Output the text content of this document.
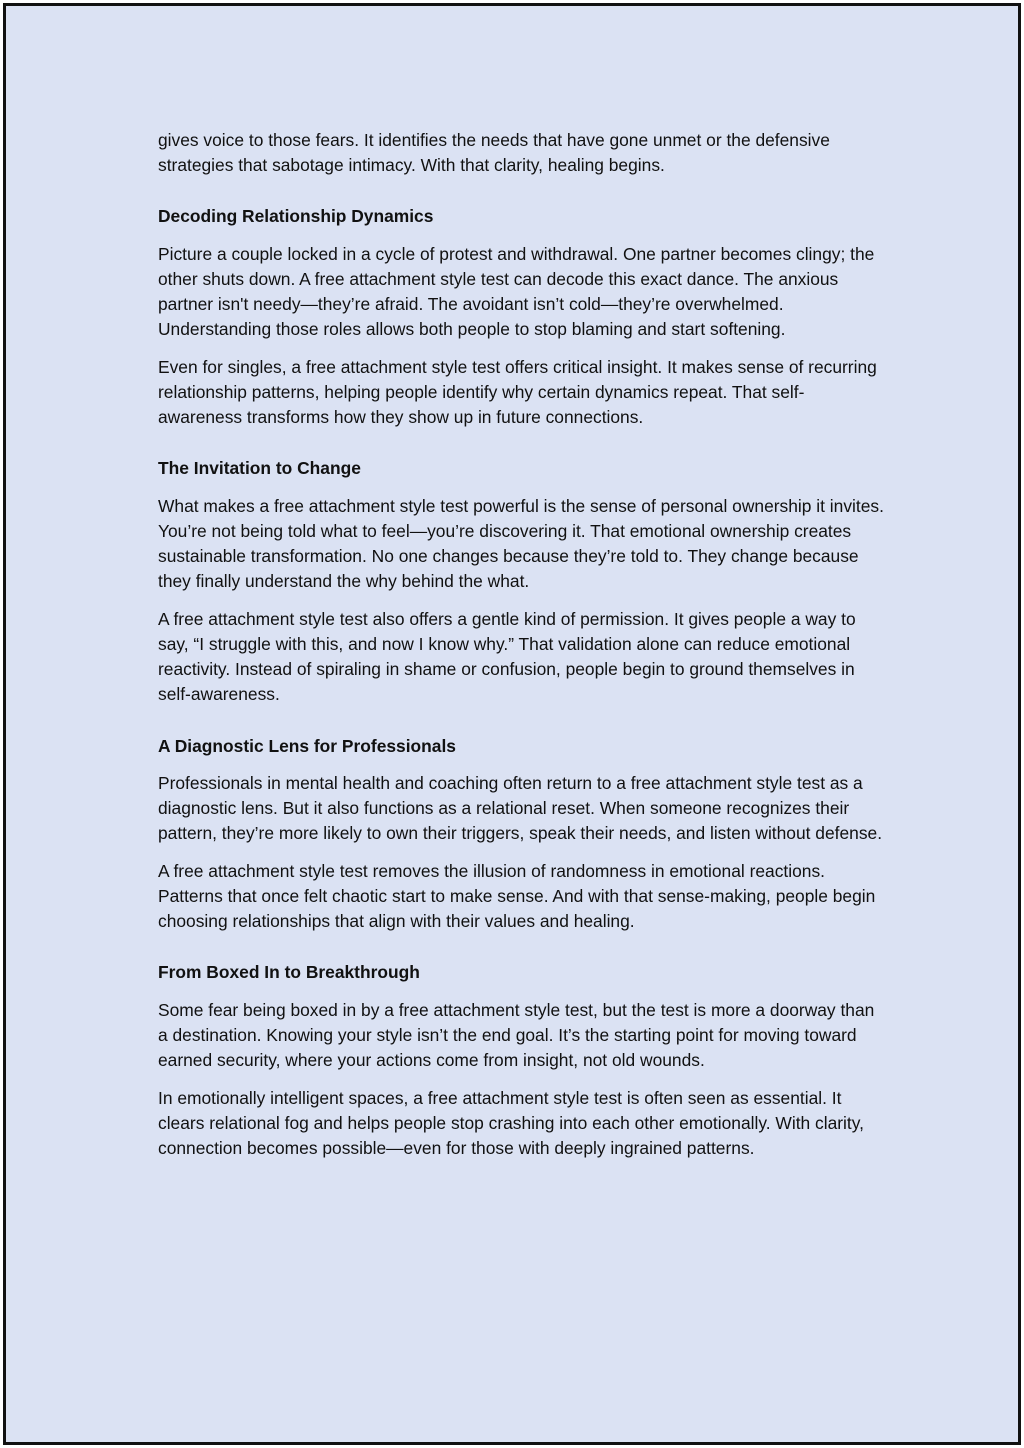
gives voice to those fears. It identifies the needs that have gone unmet or the defensive strategies that sabotage intimacy. With that clarity, healing begins.

Decoding Relationship Dynamics

Picture a couple locked in a cycle of protest and withdrawal. One partner becomes clingy; the other shuts down. A free attachment style test can decode this exact dance. The anxious partner isn't needy—they’re afraid. The avoidant isn’t cold—they’re overwhelmed. Understanding those roles allows both people to stop blaming and start softening.

Even for singles, a free attachment style test offers critical insight. It makes sense of recurring relationship patterns, helping people identify why certain dynamics repeat. That self-awareness transforms how they show up in future connections.

The Invitation to Change

What makes a free attachment style test powerful is the sense of personal ownership it invites. You’re not being told what to feel—you’re discovering it. That emotional ownership creates sustainable transformation. No one changes because they’re told to. They change because they finally understand the why behind the what.

A free attachment style test also offers a gentle kind of permission. It gives people a way to say, “I struggle with this, and now I know why.” That validation alone can reduce emotional reactivity. Instead of spiraling in shame or confusion, people begin to ground themselves in self-awareness.

A Diagnostic Lens for Professionals

Professionals in mental health and coaching often return to a free attachment style test as a diagnostic lens. But it also functions as a relational reset. When someone recognizes their pattern, they’re more likely to own their triggers, speak their needs, and listen without defense.

A free attachment style test removes the illusion of randomness in emotional reactions. Patterns that once felt chaotic start to make sense. And with that sense-making, people begin choosing relationships that align with their values and healing.

From Boxed In to Breakthrough

Some fear being boxed in by a free attachment style test, but the test is more a doorway than a destination. Knowing your style isn’t the end goal. It’s the starting point for moving toward earned security, where your actions come from insight, not old wounds.

In emotionally intelligent spaces, a free attachment style test is often seen as essential. It clears relational fog and helps people stop crashing into each other emotionally. With clarity, connection becomes possible—even for those with deeply ingrained patterns.
